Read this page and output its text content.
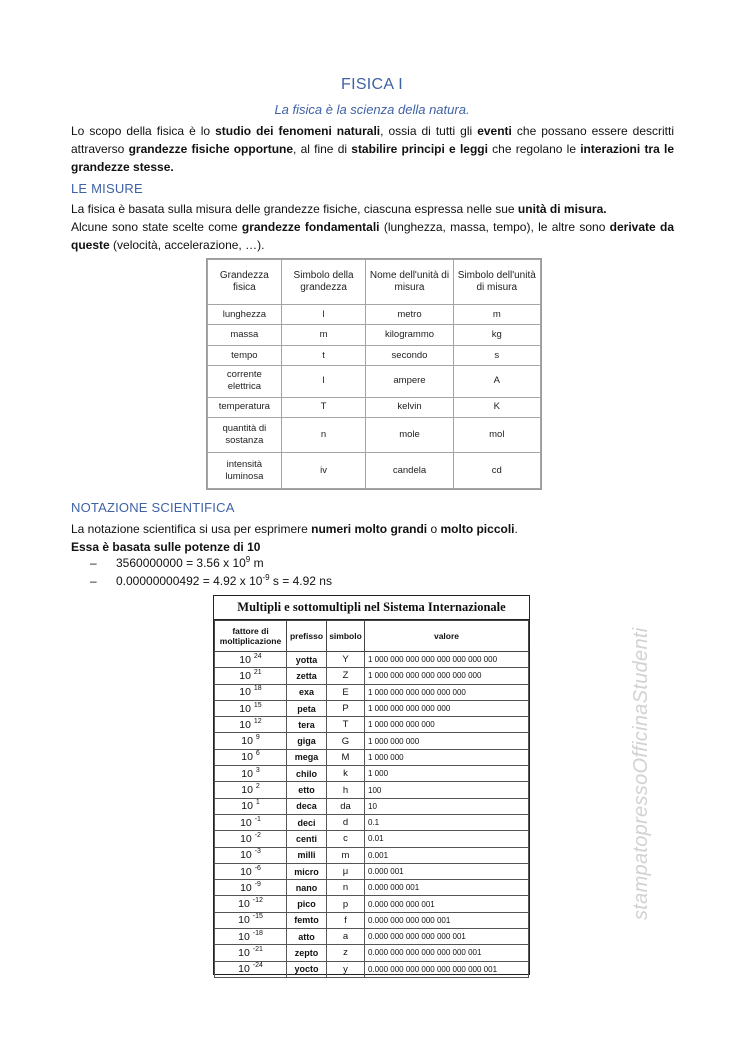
FISICA I
La fisica è la scienza della natura.
Lo scopo della fisica è lo studio dei fenomeni naturali, ossia di tutti gli eventi che possano essere descritti attraverso grandezze fisiche opportune, al fine di stabilire principi e leggi che regolano le interazioni tra le grandezze stesse.
LE MISURE
La fisica è basata sulla misura delle grandezze fisiche, ciascuna espressa nelle sue unità di misura.
Alcune sono state scelte come grandezze fondamentali (lunghezza, massa, tempo), le altre sono derivate da queste (velocità, accelerazione, …).
Grandezza fisica	Simbolo della grandezza	Nome dell'unità di misura	Simbolo dell'unità di misura
lunghezza	l	metro	m
massa	m	kilogrammo	kg
tempo	t	secondo	s
corrente elettrica	I	ampere	A
temperatura	T	kelvin	K
quantità di sostanza	n	mole	mol
intensità luminosa	iv	candela	cd
NOTAZIONE SCIENTIFICA
La notazione scientifica si usa per esprimere numeri molto grandi o molto piccoli.
Essa è basata sulle potenze di 10
– 3560000000 = 3.56 x $10^9$ m
– 0.00000000492 = 4.92 x $10^{-9}$ s = 4.92 ns
Multipli e sottomultipli nel Sistema Internazionale
fattore di moltiplicazione	prefisso	simbolo	valore
10 $^{24}$	yotta	Y	1 000 000 000 000 000 000 000 000
10 $^{21}$	zetta	Z	1 000 000 000 000 000 000 000
10 $^{18}$	exa	E	1 000 000 000 000 000 000
10 $^{15}$	peta	P	1 000 000 000 000 000
10 $^{12}$	tera	T	1 000 000 000 000
10 $^9$	giga	G	1 000 000 000
10 $^6$	mega	M	1 000 000
10 $^3$	chilo	k	1 000
10 $^2$	etto	h	100
10 $^1$	deca	da	10
10 $^{-1}$	deci	d	0.1
10 $^{-2}$	centi	c	0.01
10 $^{-3}$	milli	m	0.001
10 $^{-6}$	micro	μ	0.000 001
10 $^{-9}$	nano	n	0.000 000 001
10 $^{-12}$	pico	p	0.000 000 000 001
10 $^{-15}$	femto	f	0.000 000 000 000 001
10 $^{-18}$	atto	a	0.000 000 000 000 000 001
10 $^{-21}$	zepto	z	0.000 000 000 000 000 000 001
10 $^{-24}$	yocto	y	0.000 000 000 000 000 000 000 001
stampatopressoOfficinaStudenti
